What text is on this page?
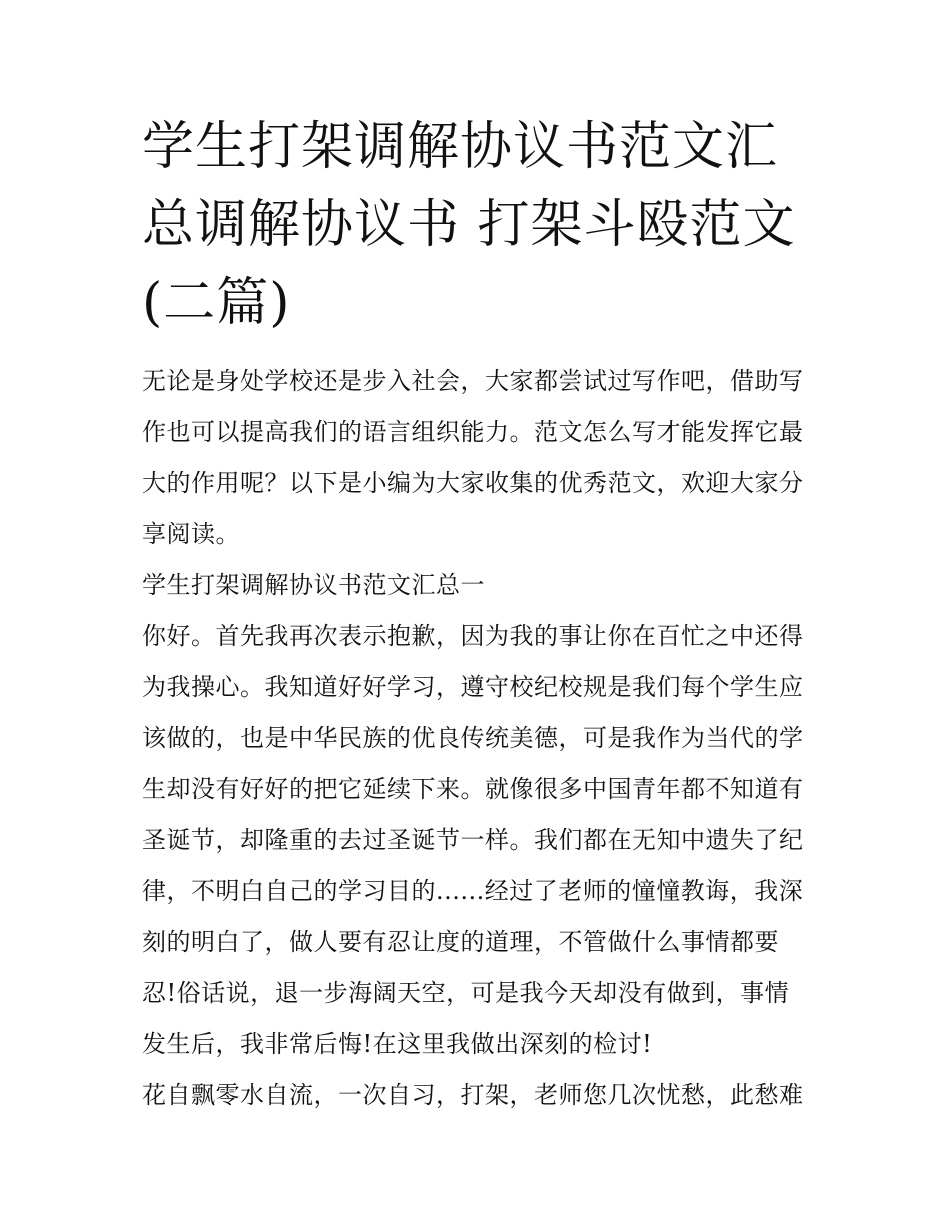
学生打架调解协议书范文汇总调解协议书 打架斗殴范文(二篇)

无论是身处学校还是步入社会，大家都尝试过写作吧，借助写

作也可以提高我们的语言组织能力。范文怎么写才能发挥它最

大的作用呢？以下是小编为大家收集的优秀范文，欢迎大家分

享阅读。

学生打架调解协议书范文汇总一

你好。首先我再次表示抱歉，因为我的事让你在百忙之中还得

为我操心。我知道好好学习，遵守校纪校规是我们每个学生应

该做的，也是中华民族的优良传统美德，可是我作为当代的学

生却没有好好的把它延续下来。就像很多中国青年都不知道有

圣诞节，却隆重的去过圣诞节一样。我们都在无知中遗失了纪

律，不明白自己的学习目的......经过了老师的憧憧教诲，我深

刻的明白了，做人要有忍让度的道理，不管做什么事情都要

忍!俗话说，退一步海阔天空，可是我今天却没有做到，事情

发生后，我非常后悔!在这里我做出深刻的检讨!

花自飘零水自流，一次自习，打架，老师您几次忧愁，此愁难
